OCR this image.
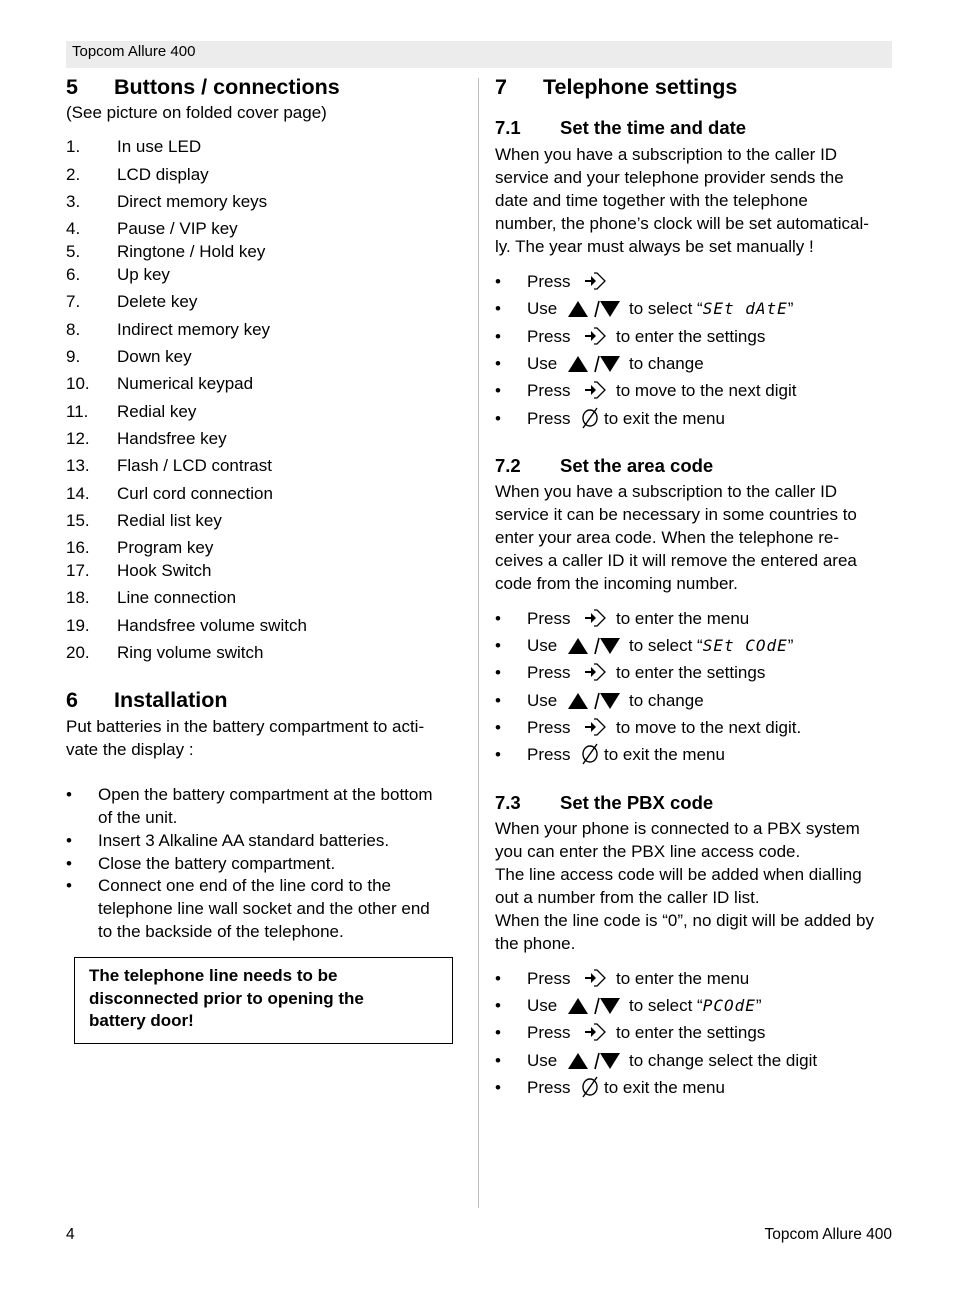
Topcom Allure 400
5 Buttons / connections
(See picture on folded cover page)
1. In use LED
2. LCD display
3. Direct memory keys
4. Pause / VIP key
5. Ringtone / Hold key
6. Up key
7. Delete key
8. Indirect memory key
9. Down key
10. Numerical keypad
11. Redial key
12. Handsfree key
13. Flash / LCD contrast
14. Curl cord connection
15. Redial list key
16. Program key
17. Hook Switch
18. Line connection
19. Handsfree volume switch
20. Ring volume switch
6 Installation
Put batteries in the battery compartment to acti-
vate the display :
• Open the battery compartment at the bottom
of the unit.
• Insert 3 Alkaline AA standard batteries.
• Close the battery compartment.
• Connect one end of the line cord to the
telephone line wall socket and the other end
to the backside of the telephone.
The telephone line needs to be
disconnected prior to opening the
battery door!
7 Telephone settings
7.1 Set the time and date
When you have a subscription to the caller ID
service and your telephone provider sends the
date and time together with the telephone
number, the phone’s clock will be set automatical-
ly. The year must always be set manually !
• Press
• Use	to select “SEt dAtE”
• Press	to enter the settings
• Use	to change
• Press	to move to the next digit
• Press to exit the menu
7.2 Set the area code
When you have a subscription to the caller ID
service it can be necessary in some countries to
enter your area code. When the telephone re-
ceives a caller ID it will remove the entered area
code from the incoming number.
• Press	to enter the menu
• Use	to select “SEt COdE”
• Press	to enter the settings
• Use	to change
• Press	to move to the next digit.
• Press to exit the menu
7.3 Set the PBX code
When your phone is connected to a PBX system
you can enter the PBX line access code.
The line access code will be added when dialling
out a number from the caller ID list.
When the line code is “0”, no digit will be added by
the phone.
• Press	to enter the menu
• Use	to select “PCOdE”
• Press	to enter the settings
• Use	to change select the digit
• Press to exit the menu
4	Topcom Allure 400
